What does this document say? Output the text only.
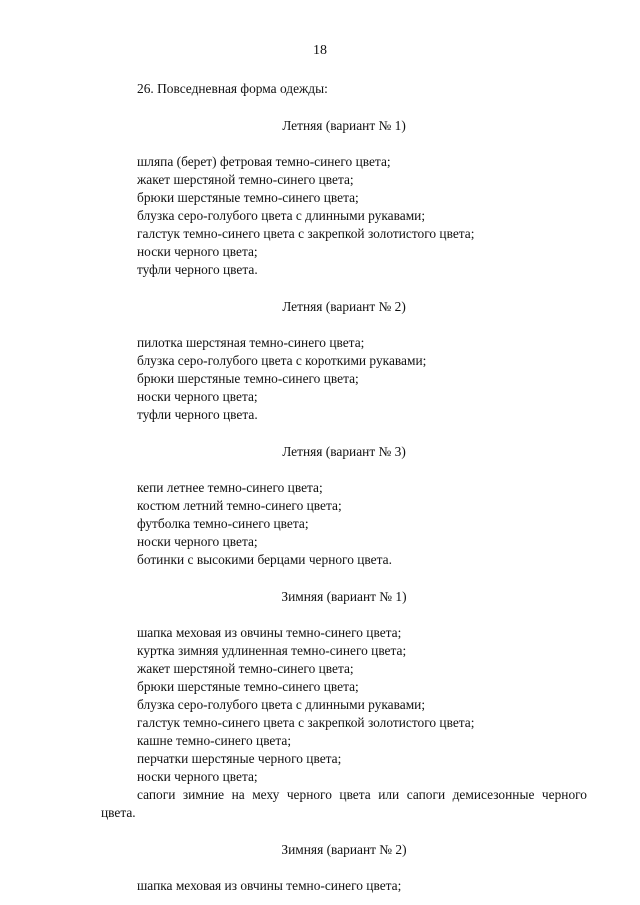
18
26. Повседневная форма одежды:
Летняя (вариант № 1)
шляпа (берет) фетровая темно-синего цвета;
жакет шерстяной темно-синего цвета;
брюки шерстяные темно-синего цвета;
блузка серо-голубого цвета с длинными рукавами;
галстук темно-синего цвета с закрепкой золотистого цвета;
носки черного цвета;
туфли черного цвета.
Летняя (вариант № 2)
пилотка шерстяная темно-синего цвета;
блузка серо-голубого цвета с короткими рукавами;
брюки шерстяные темно-синего цвета;
носки черного цвета;
туфли черного цвета.
Летняя (вариант № 3)
кепи летнее темно-синего цвета;
костюм летний темно-синего цвета;
футболка темно-синего цвета;
носки черного цвета;
ботинки с высокими берцами черного цвета.
Зимняя (вариант № 1)
шапка меховая из овчины темно-синего цвета;
куртка зимняя удлиненная темно-синего цвета;
жакет шерстяной темно-синего цвета;
брюки шерстяные темно-синего цвета;
блузка серо-голубого цвета с длинными рукавами;
галстук темно-синего цвета с закрепкой золотистого цвета;
кашне темно-синего цвета;
перчатки шерстяные черного цвета;
носки черного цвета;
сапоги зимние на меху черного цвета или сапоги демисезонные черного цвета.
Зимняя (вариант № 2)
шапка меховая из овчины темно-синего цвета;
